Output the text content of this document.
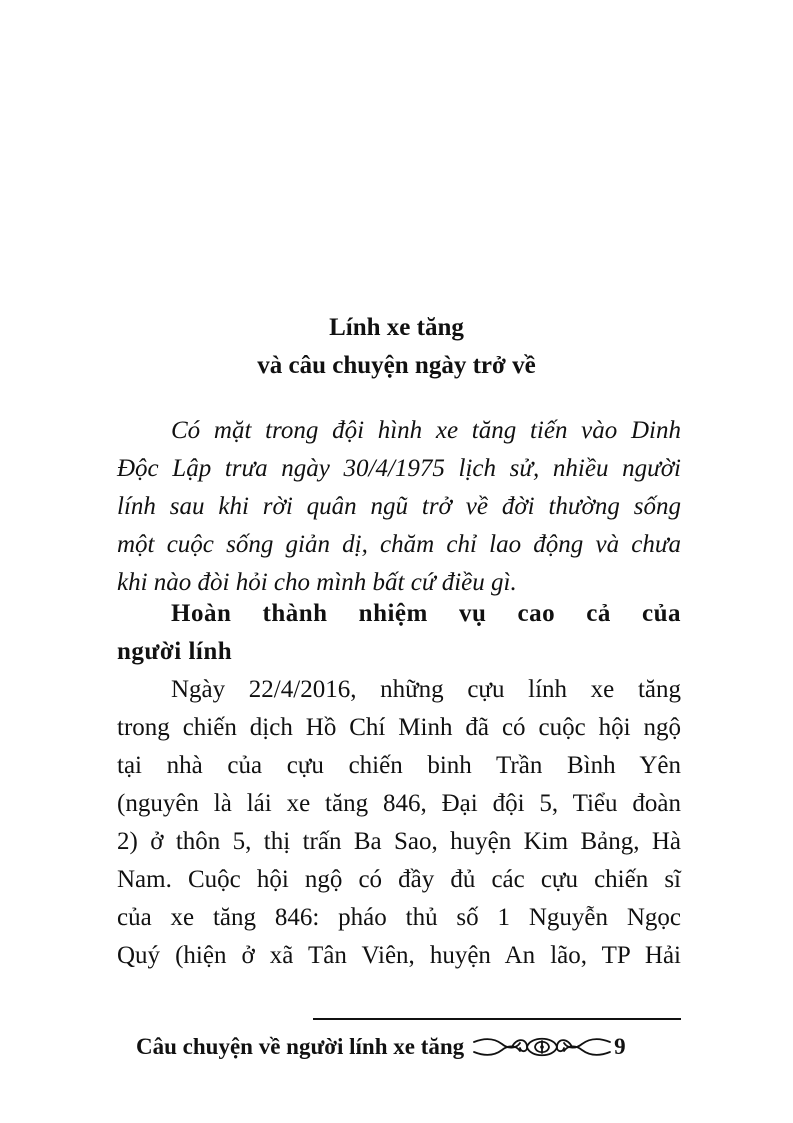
Lính xe tăng
và câu chuyện ngày trở về
Có mặt trong đội hình xe tăng tiến vào Dinh
Độc Lập trưa ngày 30/4/1975 lịch sử, nhiều người
lính sau khi rời quân ngũ trở về đời thường sống
một cuộc sống giản dị, chăm chỉ lao động và chưa
khi nào đòi hỏi cho mình bất cứ điều gì.
Hoàn thành nhiệm vụ cao cả của
người lính
Ngày 22/4/2016, những cựu lính xe tăng
trong chiến dịch Hồ Chí Minh đã có cuộc hội ngộ
tại nhà của cựu chiến binh Trần Bình Yên
(nguyên là lái xe tăng 846, Đại đội 5, Tiểu đoàn
2) ở thôn 5, thị trấn Ba Sao, huyện Kim Bảng, Hà
Nam. Cuộc hội ngộ có đầy đủ các cựu chiến sĩ
của xe tăng 846: pháo thủ số 1 Nguyễn Ngọc
Quý (hiện ở xã Tân Viên, huyện An lão, TP Hải
Câu chuyện về người lính xe tăng	9
